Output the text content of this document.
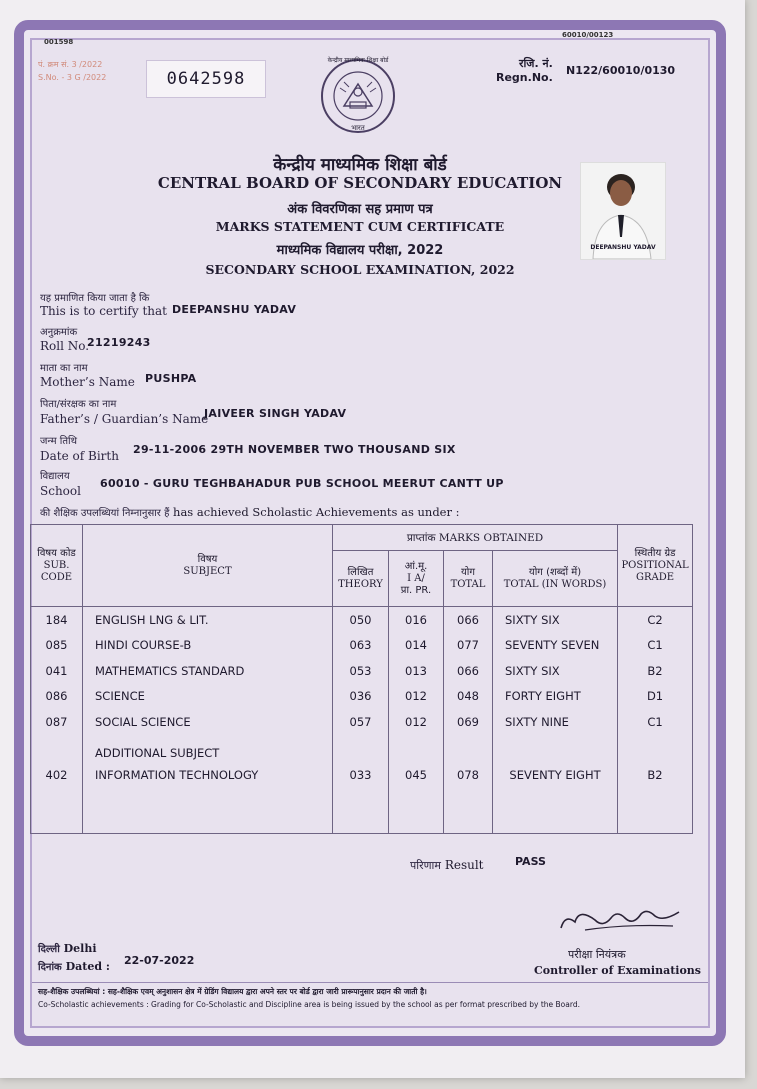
001598
60010/00123
पं. क्रम सं. 3 /2022
S.No. - 3 G /2022	0642598
केन्द्रीय माध्यमिक शिक्षा बोर्ड
भारत
रजि. नं.
Regn.No.
N122/60010/0130
केन्द्रीय माध्यमिक शिक्षा बोर्ड
CENTRAL BOARD OF SECONDARY EDUCATION
अंक विवरणिका सह प्रमाण पत्र
MARKS STATEMENT CUM CERTIFICATE
माध्यमिक विद्यालय परीक्षा, 2022
SECONDARY SCHOOL EXAMINATION, 2022
DEEPANSHU YADAV
यह प्रमाणित किया जाता है कि
This is to certify that DEEPANSHU YADAV
अनुक्रमांक
Roll No.
21219243
माता का नाम
Mother’s Name PUSHPA
पिता/संरक्षक का नाम
Father’s / Guardian’s Name
JAIVEER SINGH YADAV
जन्म तिथि
Date of Birth 29-11-2006 29TH NOVEMBER TWO THOUSAND SIX
विद्यालय
School
60010 - GURU TEGHBAHADUR PUB SCHOOL MEERUT CANTT UP
की शैक्षिक उपलब्धियां निम्नानुसार हैं has achieved Scholastic Achievements as under :
विषय कोड
SUB. CODE	विषय
SUBJECT	प्राप्तांक MARKS OBTAINED				स्थितीय ग्रेड
POSITIONAL GRADE

		लिखित
THEORY	आं.मू.
I A/
प्रा. PR.	योग
TOTAL	योग (शब्दों में)
TOTAL (IN WORDS)	
184	ENGLISH LNG & LIT.	050	016	066	SIXTY SIX	C2
085	HINDI COURSE-B	063	014	077	SEVENTY SEVEN	C1
041	MATHEMATICS STANDARD	053	013	066	SIXTY SIX	B2
086	SCIENCE	036	012	048	FORTY EIGHT	D1
087	SOCIAL SCIENCE	057	012	069	SIXTY NINE	C1
	ADDITIONAL SUBJECT					
402	INFORMATION TECHNOLOGY	033	045	078	SEVENTY EIGHT	B2

परिणाम Result	PASS
परीक्षा नियंत्रक
Controller of Examinations
दिल्ली Delhi
दिनांक Dated : 22-07-2022
सह-शैक्षिक उपलब्धियां : सह-शैक्षिक एवम् अनुशासन क्षेत्र में ग्रेडिंग विद्यालय द्वारा अपने स्तर पर बोर्ड द्वारा जारी प्रारूपानुसार प्रदान की जाती है।
Co-Scholastic achievements : Grading for Co-Scholastic and Discipline area is being issued by the school as per format prescribed by the Board.
